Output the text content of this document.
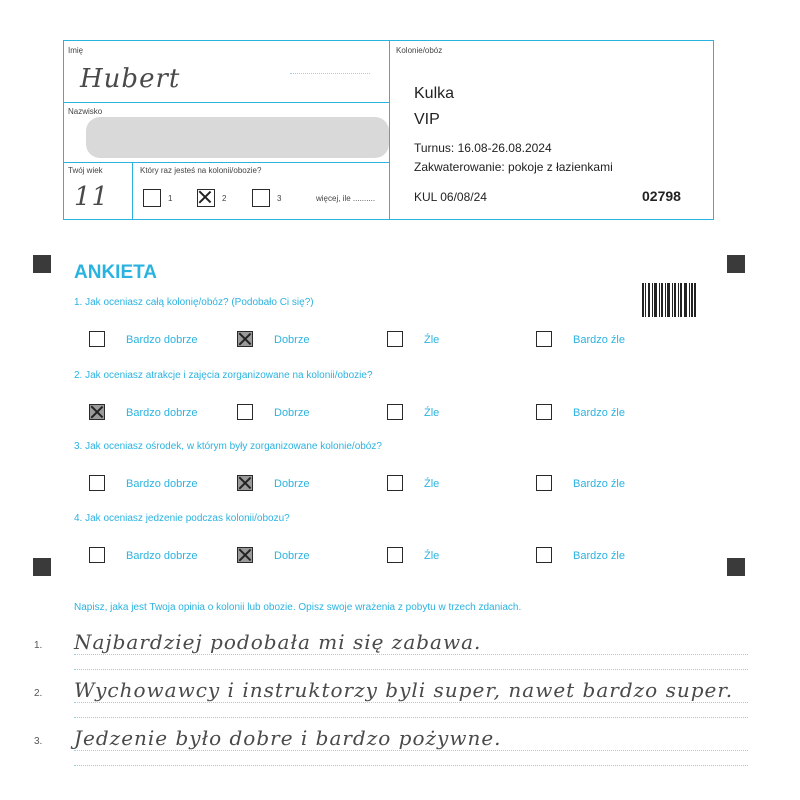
Imię
Hubert
Nazwisko
Twój wiek
11
Który raz jesteś na kolonii/obozie?
1	2	3	więcej, ile ..........
Kolonie/obóz
Kulka
VIP
Turnus: 16.08-26.08.2024
Zakwaterowanie: pokoje z łazienkami
KUL 06/08/24	02798
ANKIETA
1. Jak oceniasz całą kolonię/obóz? (Podobało Ci się?)
Bardzo dobrze	Dobrze	Źle	Bardzo źle
2. Jak oceniasz atrakcje i zajęcia zorganizowane na kolonii/obozie?
Bardzo dobrze	Dobrze	Źle	Bardzo źle
3. Jak oceniasz ośrodek, w którym były zorganizowane kolonie/obóz?
Bardzo dobrze	Dobrze	Źle	Bardzo źle
4. Jak oceniasz jedzenie podczas kolonii/obozu?
Bardzo dobrze	Dobrze	Źle	Bardzo źle
Napisz, jaka jest Twoja opinia o kolonii lub obozie. Opisz swoje wrażenia z pobytu w trzech zdaniach.
1. Najbardziej podobała mi się zabawa.
2. Wychowawcy i instruktorzy byli super, nawet bardzo super.
3. Jedzenie było dobre i bardzo pożywne.
